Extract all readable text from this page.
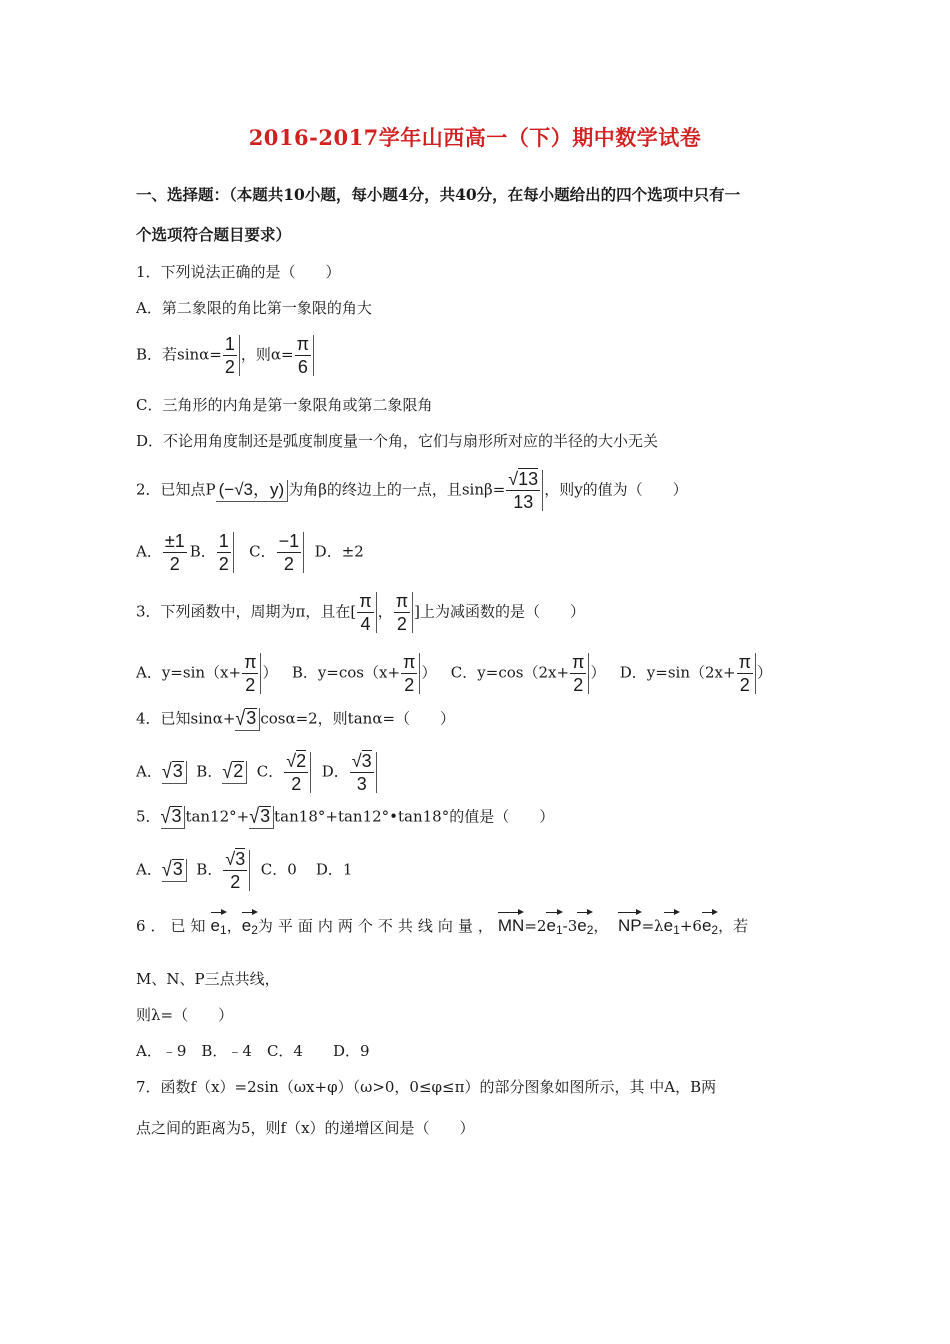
2016-2017学年山西高一（下）期中数学试卷
一、选择题：（本题共10小题，每小题4分，共40分，在每小题给出的四个选项中只有一
个选项符合题目要求）
1．下列说法正确的是（　　）
A．第二象限的角比第一象限的角大
B．若$\sin\alpha= \frac{1}{2}$ ，则$\alpha= \frac{\pi}{6}$
C．三角形的内角是第一象限角或第二象限角
D．不论用角度制还是弧度制度量一个角，它们与扇形所对应的半径的大小无关
2．已知点P (−√3，y) 为角β的终边上的一点，且$\sin\beta= \frac{√13}{13}$ ，则y的值为（　　）
A． $\frac{\pm 1}{2}$ B． $\frac{1}{2}$ C． $\frac{-1}{2}$ D．±2
3．下列函数中，周期为π，且在[ $\frac{\pi}{4}$ ， $\frac{\pi}{2}$ ]上为减函数的是（　　）
A．$y=\sin(x+ \frac{\pi}{2}$ ） B．$y=\cos(x+ \frac{\pi}{2}$ ） C．$y=\cos(2x+ \frac{\pi}{2}$ ） D．$y=\sin(2x+ \frac{\pi}{2}$ ）
4．已知sinα+√3 cosα=2，则tanα=（　　）
A．√3 B．√2 C． $\frac{√2}{2}$ D． $\frac{√3}{3}$
5．√3 tan12°+√3 tan18°+tan12°•tan18°的值是（　　）
A．√3 B． $\frac{√3}{2}$ C．0 D．1
6．已知$e_1$，$e_2$为平面内两个不共线向量，$MN=2e_1-3e_2$， $NP=\lambda e_1+6e_2$，若
M、N、P三点共线，
则λ=（　　）
A．﹣9　B．﹣4　C．4　　D．9
7．函数f（x）=2sin（ωx+φ）（ω>0，0≤φ≤π）的部分图象如图所示，其 中A，B两
点之间的距离为5，则f（x）的递增区间是（　　）
